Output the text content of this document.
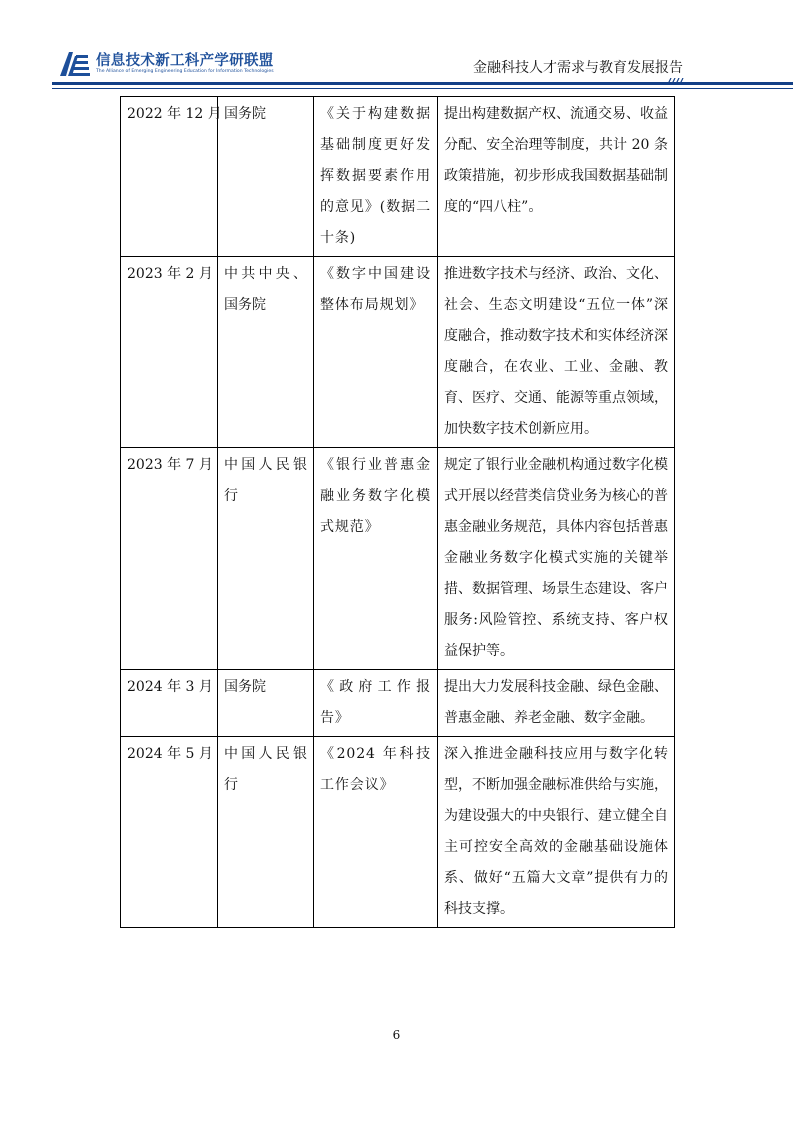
信息技术新工科产学研联盟
The Alliance of Emerging Engineering Education for Information Technologies	金融科技人才需求与教育发展报告
2022 年 12 月	国务院	《关于构建数据基础制度更好发挥数据要素作用的意见》(数据二十条)	提出构建数据产权、流通交易、收益分配、安全治理等制度，共计 20 条政策措施，初步形成我国数据基础制度的“四八柱”。
2023 年 2 月	中共中央、国务院	《数字中国建设整体布局规划》	推进数字技术与经济、政治、文化、社会、生态文明建设“五位一体”深度融合，推动数字技术和实体经济深度融合，在农业、工业、金融、教育、医疗、交通、能源等重点领域，加快数字技术创新应用。
2023 年 7 月	中国人民银行	《银行业普惠金融业务数字化模式规范》	规定了银行业金融机构通过数字化模式开展以经营类信贷业务为核心的普惠金融业务规范，具体内容包括普惠金融业务数字化模式实施的关键举措、数据管理、场景生态建设、客户服务:风险管控、系统支持、客户权益保护等。
2024 年 3 月	国务院	《政府工作报告》	提出大力发展科技金融、绿色金融、普惠金融、养老金融、数字金融。
2024 年 5 月	中国人民银行	《2024 年科技工作会议》	深入推进金融科技应用与数字化转型，不断加强金融标准供给与实施，为建设强大的中央银行、建立健全自主可控安全高效的金融基础设施体系、做好“五篇大文章”提供有力的科技支撑。
6
